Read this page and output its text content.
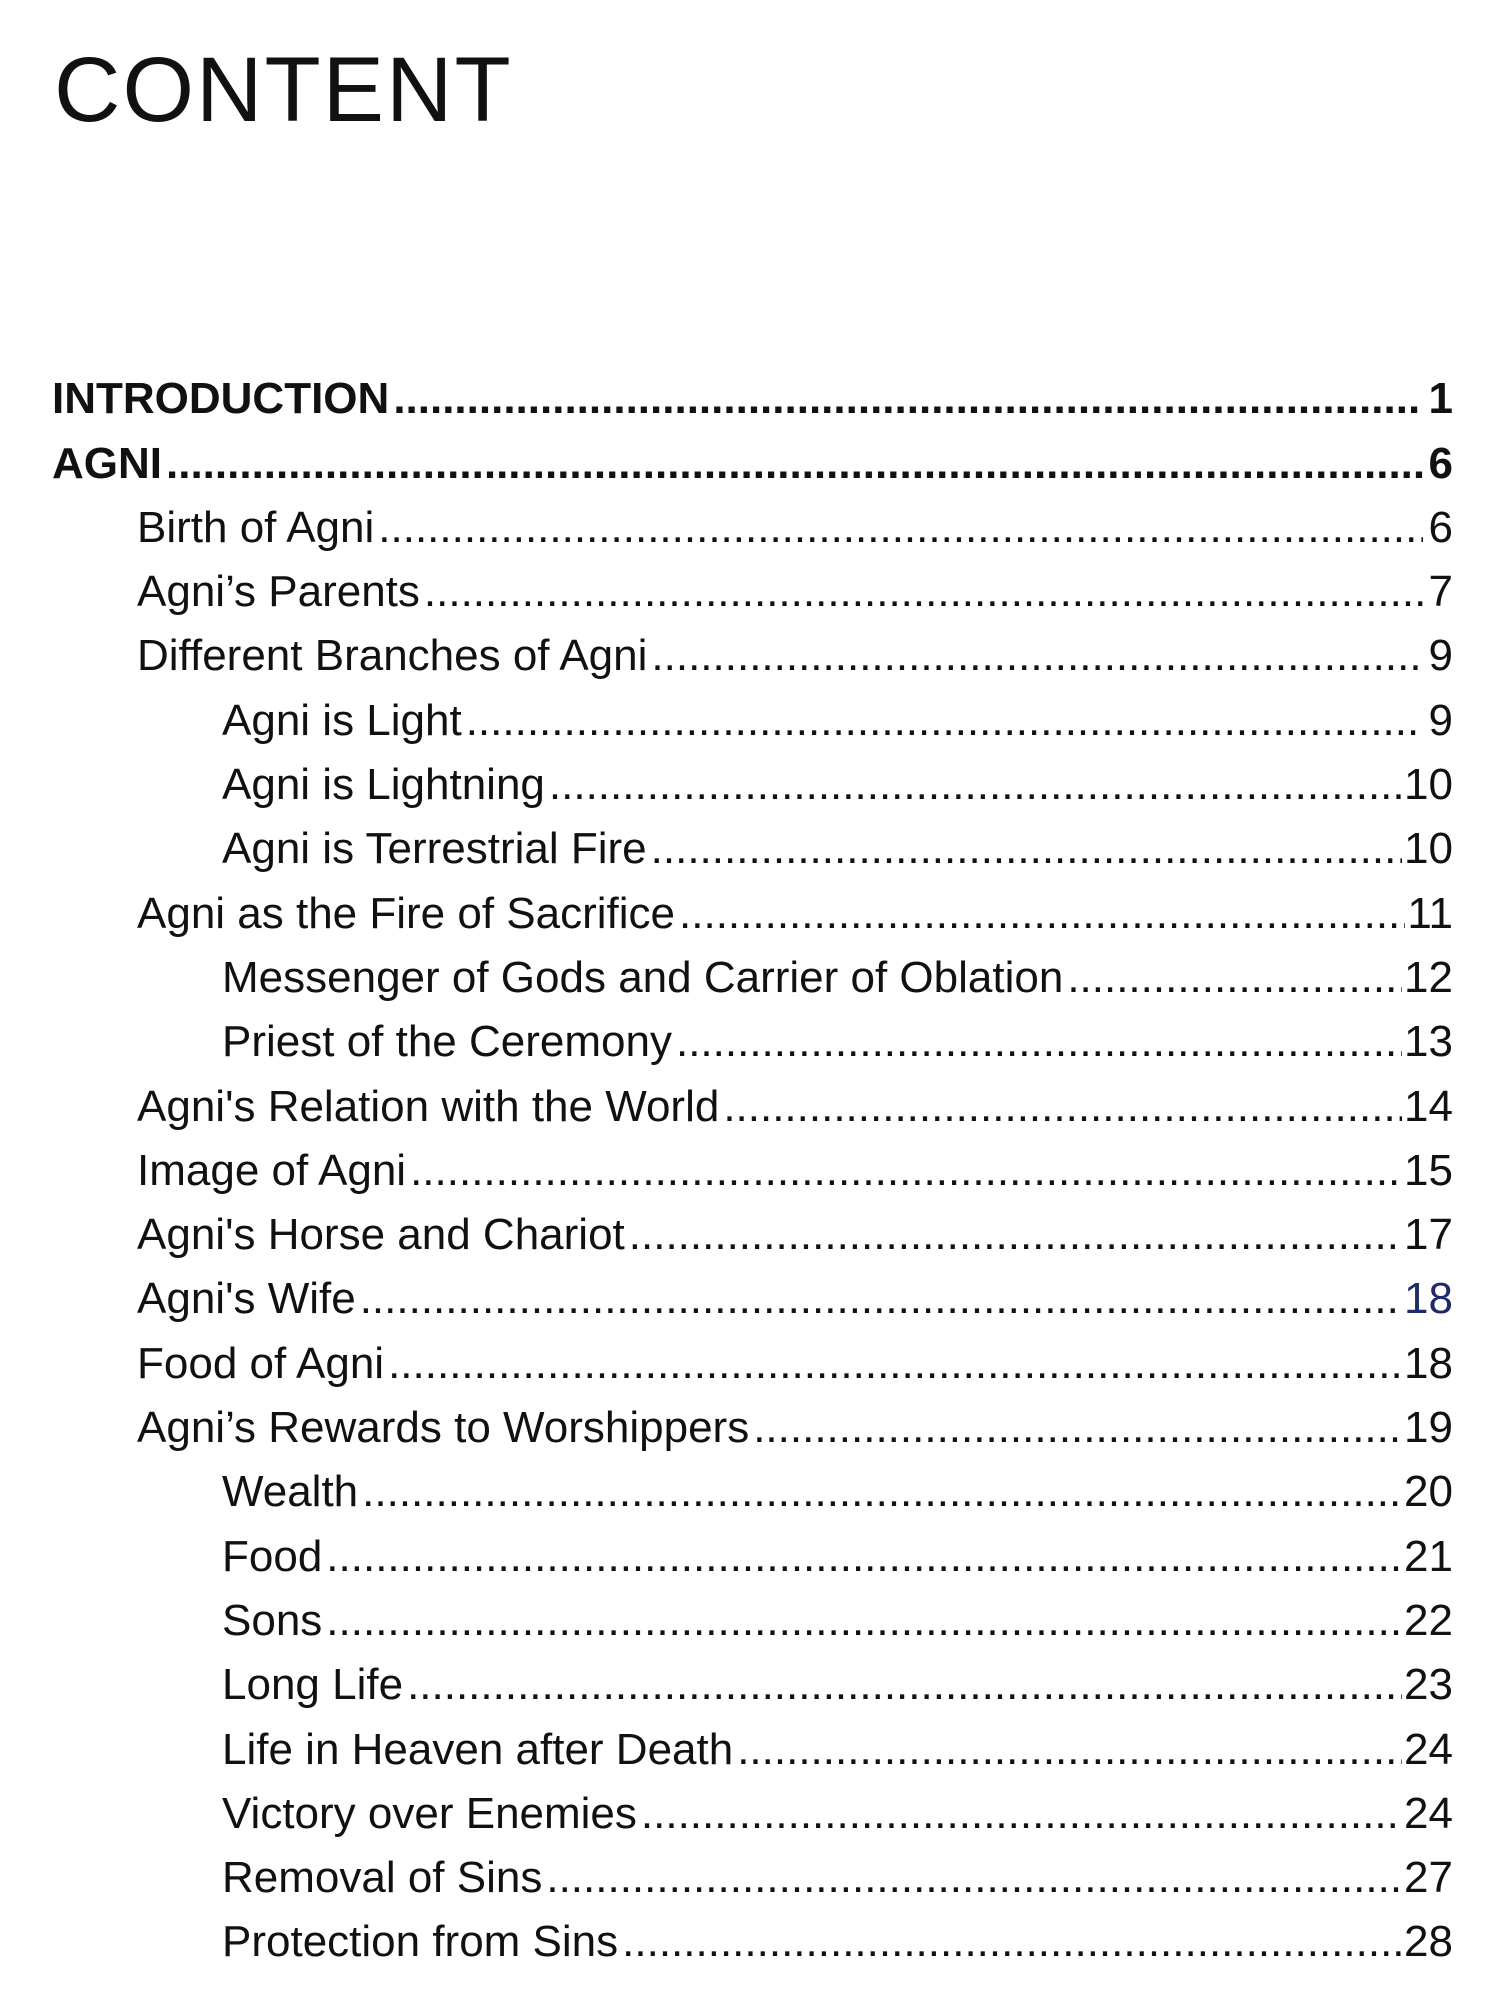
CONTENT
INTRODUCTION .....	1
AGNI .....	6
Birth of Agni .....	6
Agni’s Parents .....	7
Different Branches of Agni .....	9
Agni is Light .....	9
Agni is Lightning .....	10
Agni is Terrestrial Fire .....	10
Agni as the Fire of Sacrifice .....	11
Messenger of Gods and Carrier of Oblation .....	12
Priest of the Ceremony .....	13
Agni's Relation with the World .....	14
Image of Agni .....	15
Agni's Horse and Chariot .....	17
Agni's Wife .....	18
Food of Agni .....	18
Agni’s Rewards to Worshippers .....	19
Wealth .....	20
Food .....	21
Sons .....	22
Long Life .....	23
Life in Heaven after Death .....	24
Victory over Enemies .....	24
Removal of Sins .....	27
Protection from Sins .....	28
